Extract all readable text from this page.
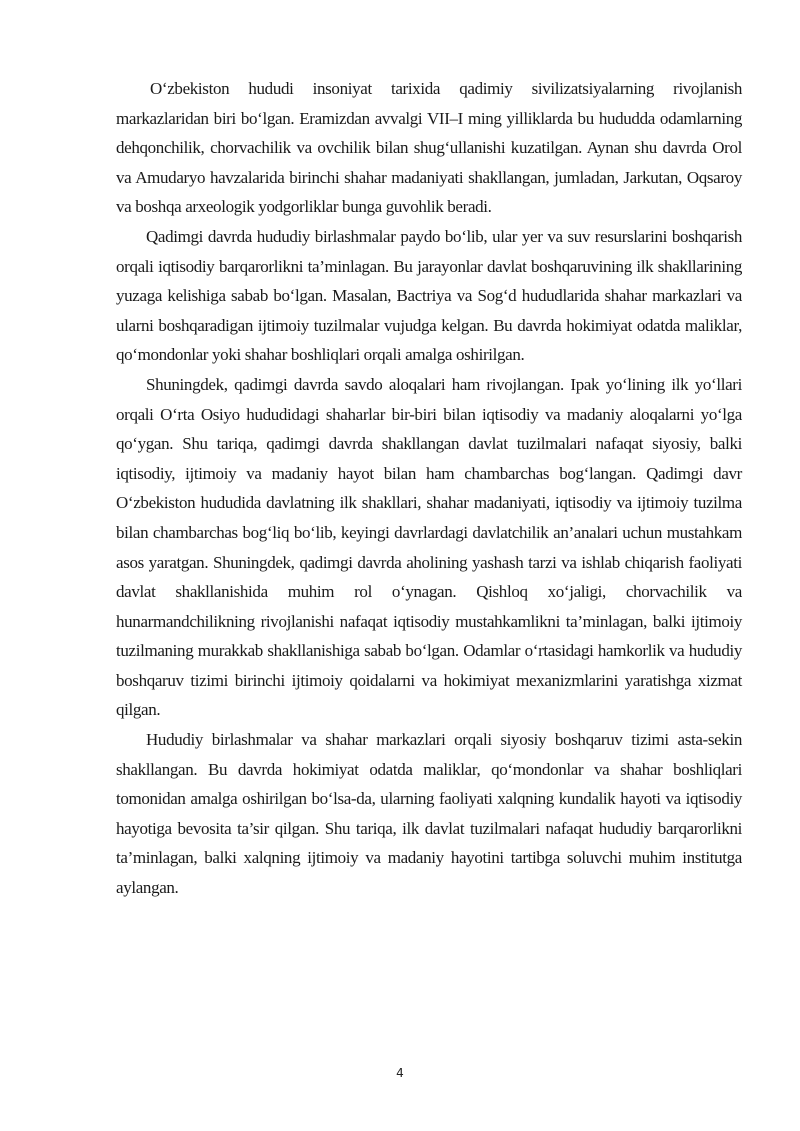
O‘zbekiston hududi insoniyat tarixida qadimiy sivilizatsiyalarning rivojlanish markazlaridan biri bo‘lgan. Eramizdan avvalgi VII–I ming yilliklarda bu hududda odamlarning dehqonchilik, chorvachilik va ovchilik bilan shug‘ullanishi kuzatilgan. Aynan shu davrda Orol va Amudaryo havzalarida birinchi shahar madaniyati shakllangan, jumladan, Jarkutan, Oqsaroy va boshqa arxeologik yodgorliklar bunga guvohlik beradi.

Qadimgi davrda hududiy birlashmalar paydo bo‘lib, ular yer va suv resurslarini boshqarish orqali iqtisodiy barqarorlikni ta’minlagan. Bu jarayonlar davlat boshqaruvining ilk shakllarining yuzaga kelishiga sabab bo‘lgan. Masalan, Bactriya va Sog‘d hududlarida shahar markazlari va ularni boshqaradigan ijtimoiy tuzilmalar vujudga kelgan. Bu davrda hokimiyat odatda maliklar, qo‘mondonlar yoki shahar boshliqlari orqali amalga oshirilgan.

Shuningdek, qadimgi davrda savdo aloqalari ham rivojlangan. Ipak yo‘lining ilk yo‘llari orqali O‘rta Osiyo hududidagi shaharlar bir-biri bilan iqtisodiy va madaniy aloqalarni yo‘lga qo‘ygan. Shu tariqa, qadimgi davrda shakllangan davlat tuzilmalari nafaqat siyosiy, balki iqtisodiy, ijtimoiy va madaniy hayot bilan ham chambarchas bog‘langan. Qadimgi davr O‘zbekiston hududida davlatning ilk shakllari, shahar madaniyati, iqtisodiy va ijtimoiy tuzilma bilan chambarchas bog‘liq bo‘lib, keyingi davrlardagi davlatchilik an’analari uchun mustahkam asos yaratgan. Shuningdek, qadimgi davrda aholining yashash tarzi va ishlab chiqarish faoliyati davlat shakllanishida muhim rol o‘ynagan. Qishloq xo‘jaligi, chorvachilik va hunarmandchilikning rivojlanishi nafaqat iqtisodiy mustahkamlikni ta’minlagan, balki ijtimoiy tuzilmaning murakkab shakllanishiga sabab bo‘lgan. Odamlar o‘rtasidagi hamkorlik va hududiy boshqaruv tizimi birinchi ijtimoiy qoidalarni va hokimiyat mexanizmlarini yaratishga xizmat qilgan.

Hududiy birlashmalar va shahar markazlari orqali siyosiy boshqaruv tizimi asta-sekin shakllangan. Bu davrda hokimiyat odatda maliklar, qo‘mondonlar va shahar boshliqlari tomonidan amalga oshirilgan bo‘lsa-da, ularning faoliyati xalqning kundalik hayoti va iqtisodiy hayotiga bevosita ta’sir qilgan. Shu tariqa, ilk davlat tuzilmalari nafaqat hududiy barqarorlikni ta’minlagan, balki xalqning ijtimoiy va madaniy hayotini tartibga soluvchi muhim institutga aylangan.

4
